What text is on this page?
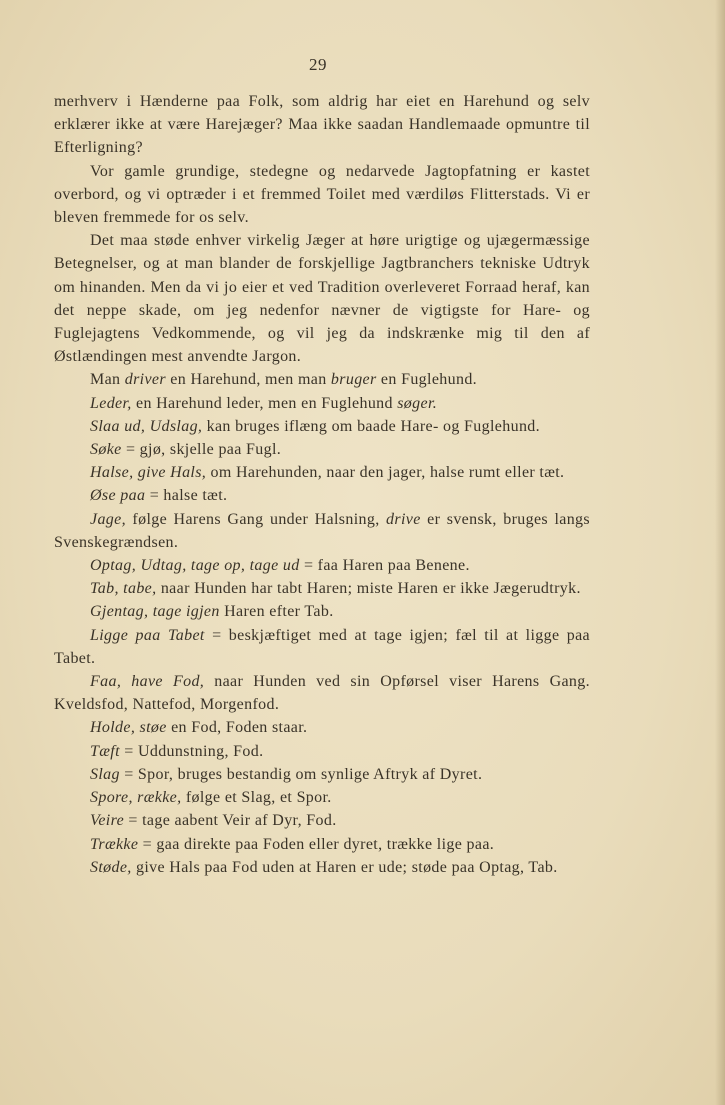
29

merhverv i Hænderne paa Folk, som aldrig har eiet en Harehund og selv erklærer ikke at være Harejæger? Maa ikke saadan Handlemaade opmuntre til Efterligning?

Vor gamle grundige, stedegne og nedarvede Jagtopfatning er kastet overbord, og vi optræder i et fremmed Toilet med værdiløs Flitterstads. Vi er bleven fremmede for os selv.

Det maa støde enhver virkelig Jæger at høre urigtige og ujægermæssige Betegnelser, og at man blander de forskjellige Jagtbranchers tekniske Udtryk om hinanden. Men da vi jo eier et ved Tradition overleveret Forraad heraf, kan det neppe skade, om jeg nedenfor nævner de vigtigste for Hare- og Fuglejagtens Vedkommende, og vil jeg da indskrænke mig til den af Østlændingen mest anvendte Jargon.

Man driver en Harehund, men man bruger en Fuglehund.

Leder, en Harehund leder, men en Fuglehund søger.

Slaa ud, Udslag, kan bruges iflæng om baade Hare- og Fuglehund.

Søke = gjø, skjelle paa Fugl.

Halse, give Hals, om Harehunden, naar den jager, halse rumt eller tæt.

Øse paa = halse tæt.

Jage, følge Harens Gang under Halsning, drive er svensk, bruges langs Svenskegrændsen.

Optag, Udtag, tage op, tage ud = faa Haren paa Benene.

Tab, tabe, naar Hunden har tabt Haren; miste Haren er ikke Jægerudtryk.

Gjentag, tage igjen Haren efter Tab.

Ligge paa Tabet = beskjæftiget med at tage igjen; fæl til at ligge paa Tabet.

Faa, have Fod, naar Hunden ved sin Opførsel viser Harens Gang. Kveldsfod, Nattefod, Morgenfod.

Holde, støe en Fod, Foden staar.

Tæft = Uddunstning, Fod.

Slag = Spor, bruges bestandig om synlige Aftryk af Dyret.

Spore, række, følge et Slag, et Spor.

Veire = tage aabent Veir af Dyr, Fod.

Trække = gaa direkte paa Foden eller dyret, trække lige paa.

Støde, give Hals paa Fod uden at Haren er ude; støde paa Optag, Tab.
